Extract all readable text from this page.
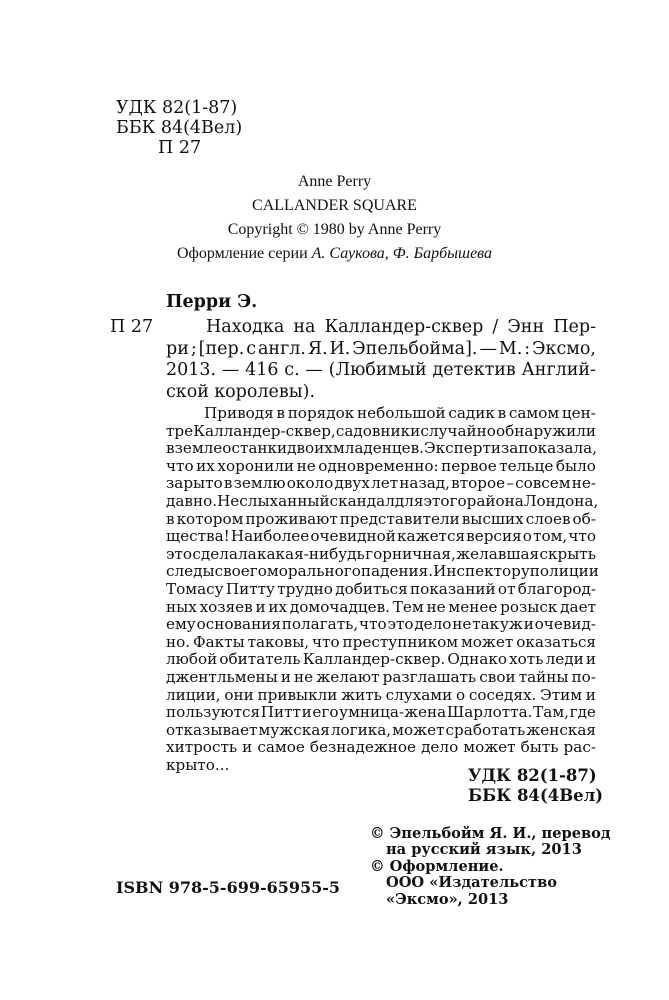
УДК 82(1-87)
ББК 84(4Вел)
П 27
Anne Perry
CALLANDER SQUARE
Copyright © 1980 by Anne Perry
Оформление серии А. Саукова, Ф. Барбышева
Перри Э.
П 27	Находка на Калландер-сквер / Энн Пер-
ри ; [пер. с англ. Я. И. Эпельбойма]. — М. : Эксмо,
2013. — 416 с. — (Любимый детектив Англий-
ской королевы).
Приводя в порядок небольшой садик в самом цен-
тре Калландер-сквер, садовники случайно обнаружили
в земле останки двоих младенцев. Экспертиза показала,
что их хоронили не одновременно: первое тельце было
зарыто в землю около двух лет назад, второе – совсем не-
давно. Неслыханный скандал для этого района Лондона,
в котором проживают представители высших слоев об-
щества! Наиболее очевидной кажется версия о том, что
это сделала какая-нибудь горничная, желавшая скрыть
следы своего морального падения. Инспектору полиции
Томасу Питту трудно добиться показаний от благород-
ных хозяев и их домочадцев. Тем не менее розыск дает
ему основания полагать, что это дело не так уж и очевид-
но. Факты таковы, что преступником может оказаться
любой обитатель Калландер-сквер. Однако хоть леди и
джентльмены и не желают разглашать свои тайны по-
лиции, они привыкли жить слухами о соседях. Этим и
пользуются Питт и его умница-жена Шарлотта. Там, где
отказывает мужская логика, может сработать женская
хитрость и самое безнадежное дело может быть рас-
крыто...
УДК 82(1-87)
ББК 84(4Вел)
© Эпельбойм Я. И., перевод
на русский язык, 2013
© Оформление.
ООО «Издательство
«Эксмо», 2013
ISBN 978-5-699-65955-5
